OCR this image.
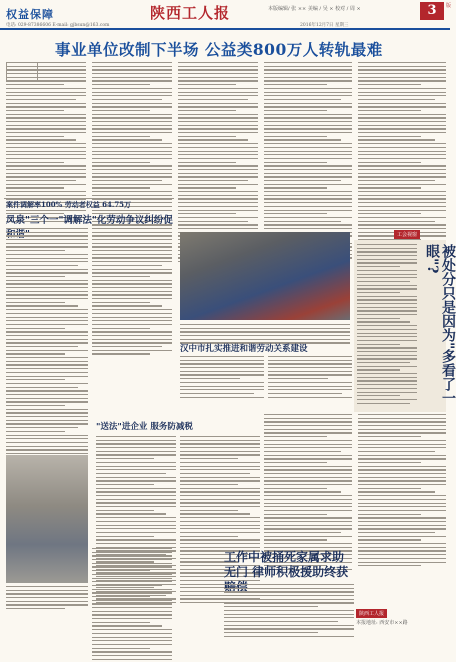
权益保障	陕西工人报	本版编辑/ 张 ×× 美编 / 吴 × 校对 / 周 ×	3	版
电话: 029-87386606 E-mail: gjbsun@163.com	2016年12月7日 星期三
事业单位改制下半场 公益类800万人转轨最难
案件调解率100% 劳动者权益 64.75万
凤泉"三个一"调解法"化劳动争议纠纷促
汉中市扎实推进和谐劳动关系建设
工会视窗
被处分只是因为"多看了一眼"?
"送法"进企业 服务防减税
工作中被捅死家属求助无门 律师积极援助终获
陕西工人报
本报地址: 西安市××路
